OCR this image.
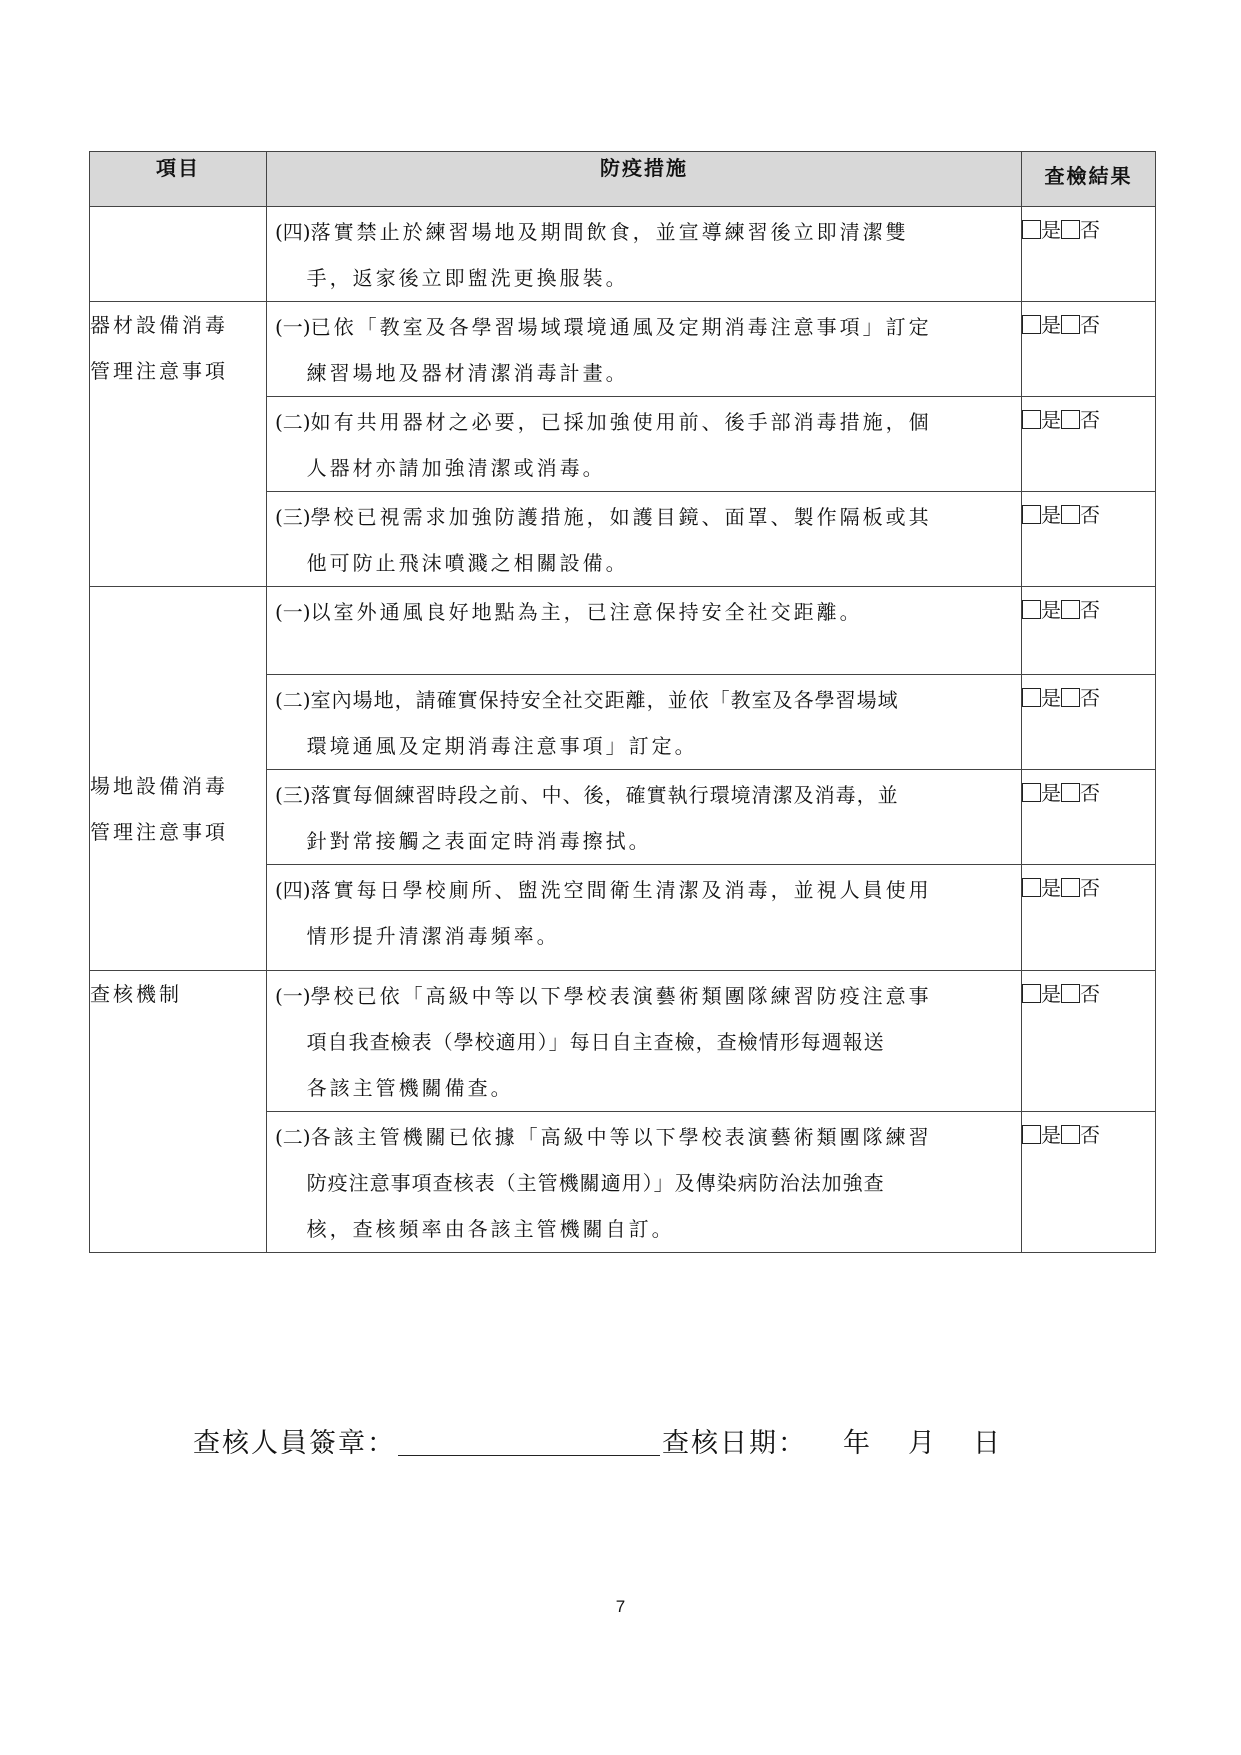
項目	防疫措施	查檢結果

	(四) 落實禁止於練習場地及期間飲食，並宣導練習後立即清潔雙
手，返家後立即盥洗更換服裝。	是 否
器材設備消毒
管理注意事項	(一) 已依「教室及各學習場域環境通風及定期消毒注意事項」訂定
練習場地及器材清潔消毒計畫。	是 否

	(二) 如有共用器材之必要，已採加強使用前、後手部消毒措施，個
人器材亦請加強清潔或消毒。	是 否

	(三) 學校已視需求加強防護措施，如護目鏡、面罩、製作隔板或其
他可防止飛沫噴濺之相關設備。	是 否

場地設備消毒
管理注意事項	(一) 以室外通風良好地點為主，已注意保持安全社交距離。	是 否

	(二) 室內場地，請確實保持安全社交距離，並依「教室及各學習場域
環境通風及定期消毒注意事項」訂定。	是 否

	(三) 落實每個練習時段之前、中、後，確實執行環境清潔及消毒，並
針對常接觸之表面定時消毒擦拭。	是 否

	(四) 落實每日學校廁所、盥洗空間衛生清潔及消毒，並視人員使用
情形提升清潔消毒頻率。	是 否
查核機制	(一) 學校已依「高級中等以下學校表演藝術類團隊練習防疫注意事
項自我查檢表（學校適用）」每日自主查檢，查檢情形每週報送
各該主管機關備查。	是 否

	(二) 各該主管機關已依據「高級中等以下學校表演藝術類團隊練習
防疫注意事項查核表（主管機關適用）」及傳染病防治法加強查
核，查核頻率由各該主管機關自訂。	是 否
查核人員簽章：	查核日期： 年 月 日
7
